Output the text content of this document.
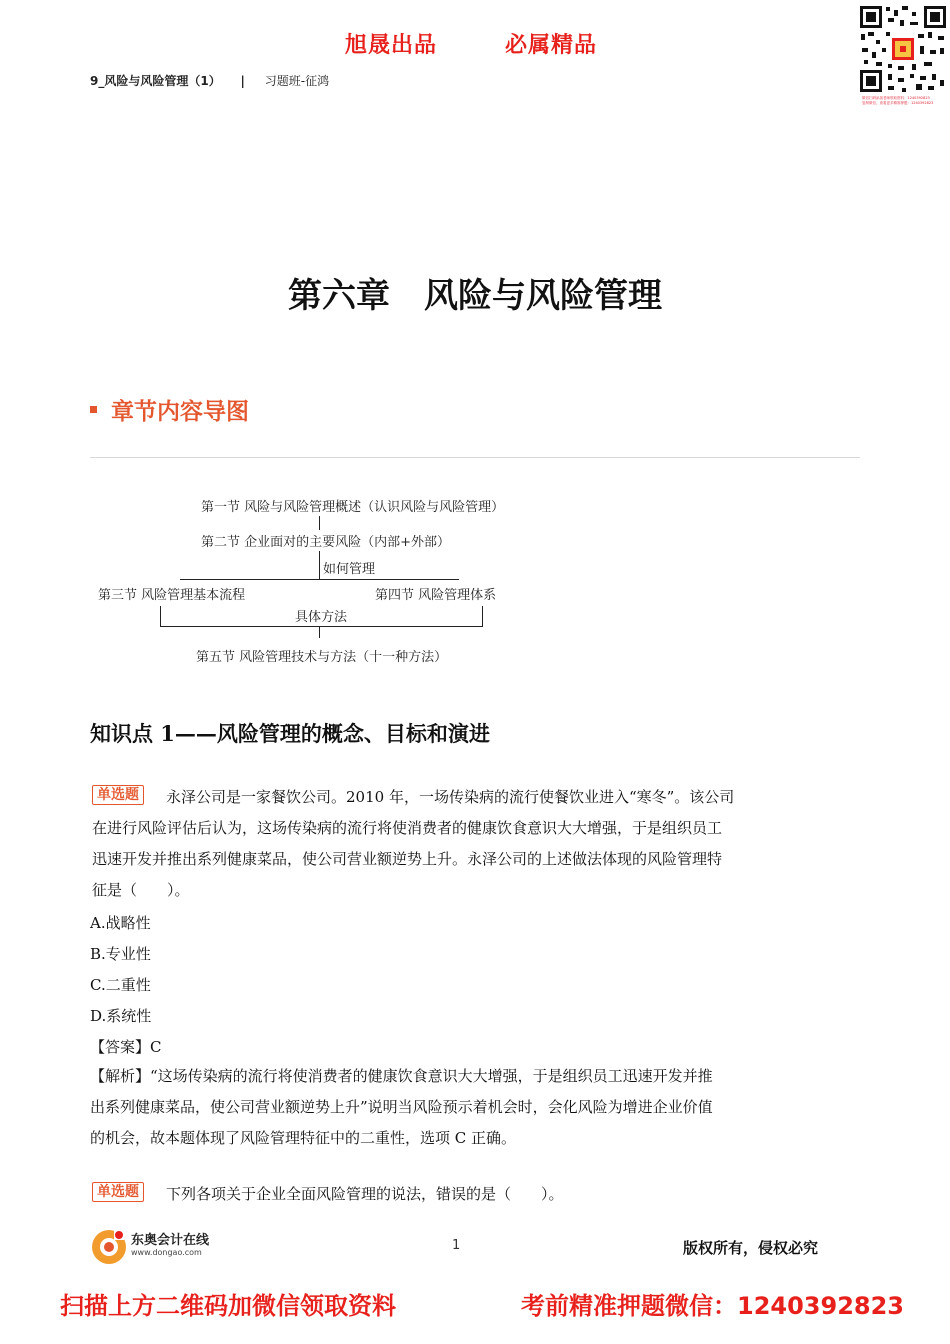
旭晟出品	必属精品
9_风险与风险管理（1） | 习题班-征鸿
微信扫码添加老师领取资料：1240392823
复制微信，查看更多精准押题：1240392823
第六章　风险与风险管理
章节内容导图
第一节 风险与风险管理概述（认识风险与风险管理）
第二节 企业面对的主要风险（内部+外部）
如何管理
第三节 风险管理基本流程	第四节 风险管理体系
具体方法
第五节 风险管理技术与方法（十一种方法）
知识点 1——风险管理的概念、目标和演进
单选题 永泽公司是一家餐饮公司。2010 年，一场传染病的流行使餐饮业进入“寒冬”。该公司
在进行风险评估后认为，这场传染病的流行将使消费者的健康饮食意识大大增强，于是组织员工
迅速开发并推出系列健康菜品，使公司营业额逆势上升。永泽公司的上述做法体现的风险管理特
征是（　　）。
A.战略性
B.专业性
C.二重性
D.系统性
【答案】C
【解析】“这场传染病的流行将使消费者的健康饮食意识大大增强，于是组织员工迅速开发并推
出系列健康菜品，使公司营业额逆势上升”说明当风险预示着机会时，会化风险为增进企业价值
的机会，故本题体现了风险管理特征中的二重性，选项 C 正确。
单选题 下列各项关于企业全面风险管理的说法，错误的是（　　）。
东奥会计在线
www.dongao.com	1	版权所有，侵权必究
扫描上方二维码加微信领取资料	考前精准押题微信：1240392823
